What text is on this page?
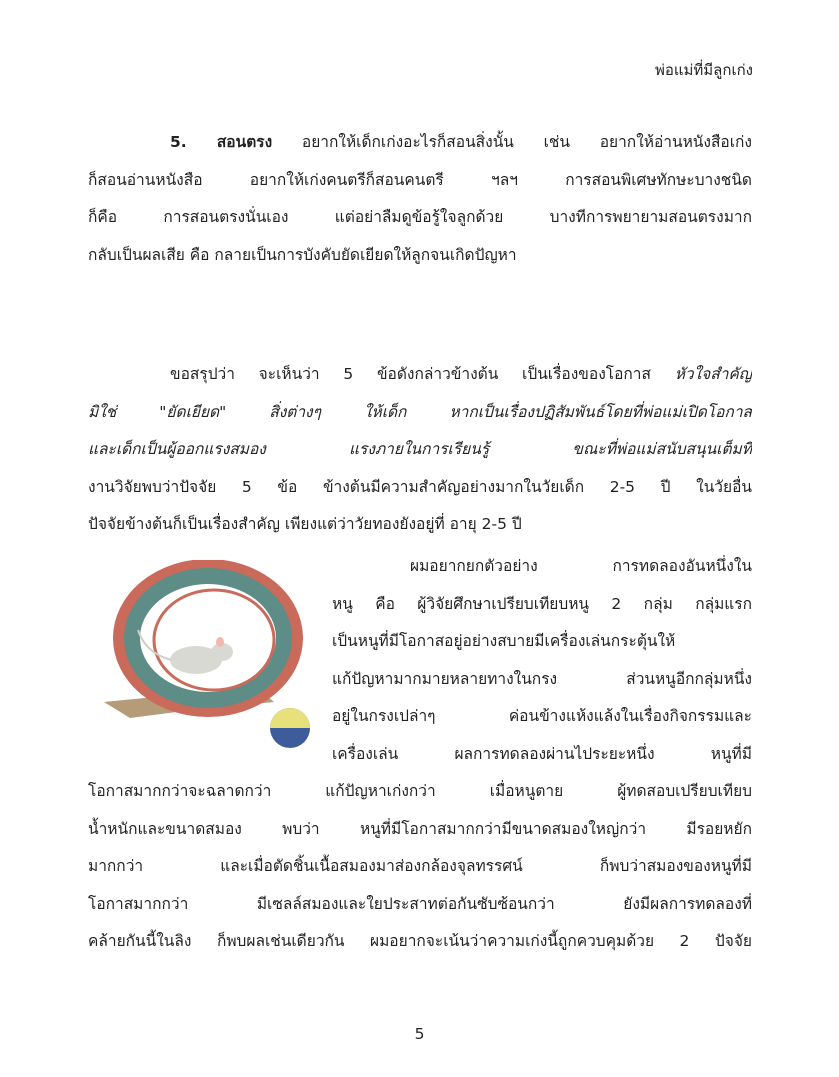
พ่อแม่ที่มีลูกเก่ง
5. สอนตรง อยากให้เด็กเก่งอะไรก็สอนสิ่งนั้น เช่น อยากให้อ่านหนังสือเก่ง
ก็สอนอ่านหนังสือ อยากให้เก่งคนตรีก็สอนคนตรี ฯลฯ การสอนพิเศษทักษะบางชนิด
ก็คือ การสอนตรงนั่นเอง แต่อย่าลืมดูข้อรู้ใจลูกด้วย บางทีการพยายามสอนตรงมาก
กลับเป็นผลเสีย คือ กลายเป็นการบังคับยัดเยียดให้ลูกจนเกิดปัญหา
ขอสรุปว่า จะเห็นว่า 5 ข้อดังกล่าวข้างต้น เป็นเรื่องของโอกาส หัวใจสำคัญ
มิใช่ "ยัดเยียด" สิ่งต่างๆ ให้เด็ก หากเป็นเรื่องปฏิสัมพันธ์โดยที่พ่อแม่เปิดโอกาส
และเด็กเป็นผู้ออกแรงสมอง แรงภายในการเรียนรู้ ขณะที่พ่อแม่สนับสนุนเต็มที่
งานวิจัยพบว่าปัจจัย 5 ข้อ ข้างต้นมีความสำคัญอย่างมากในวัยเด็ก 2-5 ปี ในวัยอื่น
ปัจจัยข้างต้นก็เป็นเรื่องสำคัญ เพียงแต่ว่าวัยทองยังอยู่ที่ อายุ 2-5 ปี
ผมอยากยกตัวอย่าง การทดลองอันหนึ่งใน
หนู คือ ผู้วิจัยศึกษาเปรียบเทียบหนู 2 กลุ่ม กลุ่มแรก
เป็นหนูที่มีโอกาสอยู่อย่างสบายมีเครื่องเล่นกระตุ้นให้
แก้ปัญหามากมายหลายทางในกรง ส่วนหนูอีกกลุ่มหนึ่ง
อยู่ในกรงเปล่าๆ ค่อนข้างแห้งแล้งในเรื่องกิจกรรมและ
เครื่องเล่น ผลการทดลองผ่านไประยะหนึ่ง หนูที่มี
โอกาสมากกว่าจะฉลาดกว่า แก้ปัญหาเก่งกว่า เมื่อหนูตาย ผู้ทดสอบเปรียบเทียบ
น้ำหนักและขนาดสมอง พบว่า หนูที่มีโอกาสมากกว่ามีขนาดสมองใหญ่กว่า มีรอยหยัก
มากกว่า และเมื่อตัดชิ้นเนื้อสมองมาส่องกล้องจุลทรรศน์ ก็พบว่าสมองของหนูที่มี
โอกาสมากกว่า มีเซลล์สมองและใยประสาทต่อกันซับซ้อนกว่า ยังมีผลการทดลองที่
คล้ายกันนี้ในลิง ก็พบผลเช่นเดียวกัน ผมอยากจะเน้นว่าความเก่งนี้ถูกควบคุมด้วย 2 ปัจจัย
5
